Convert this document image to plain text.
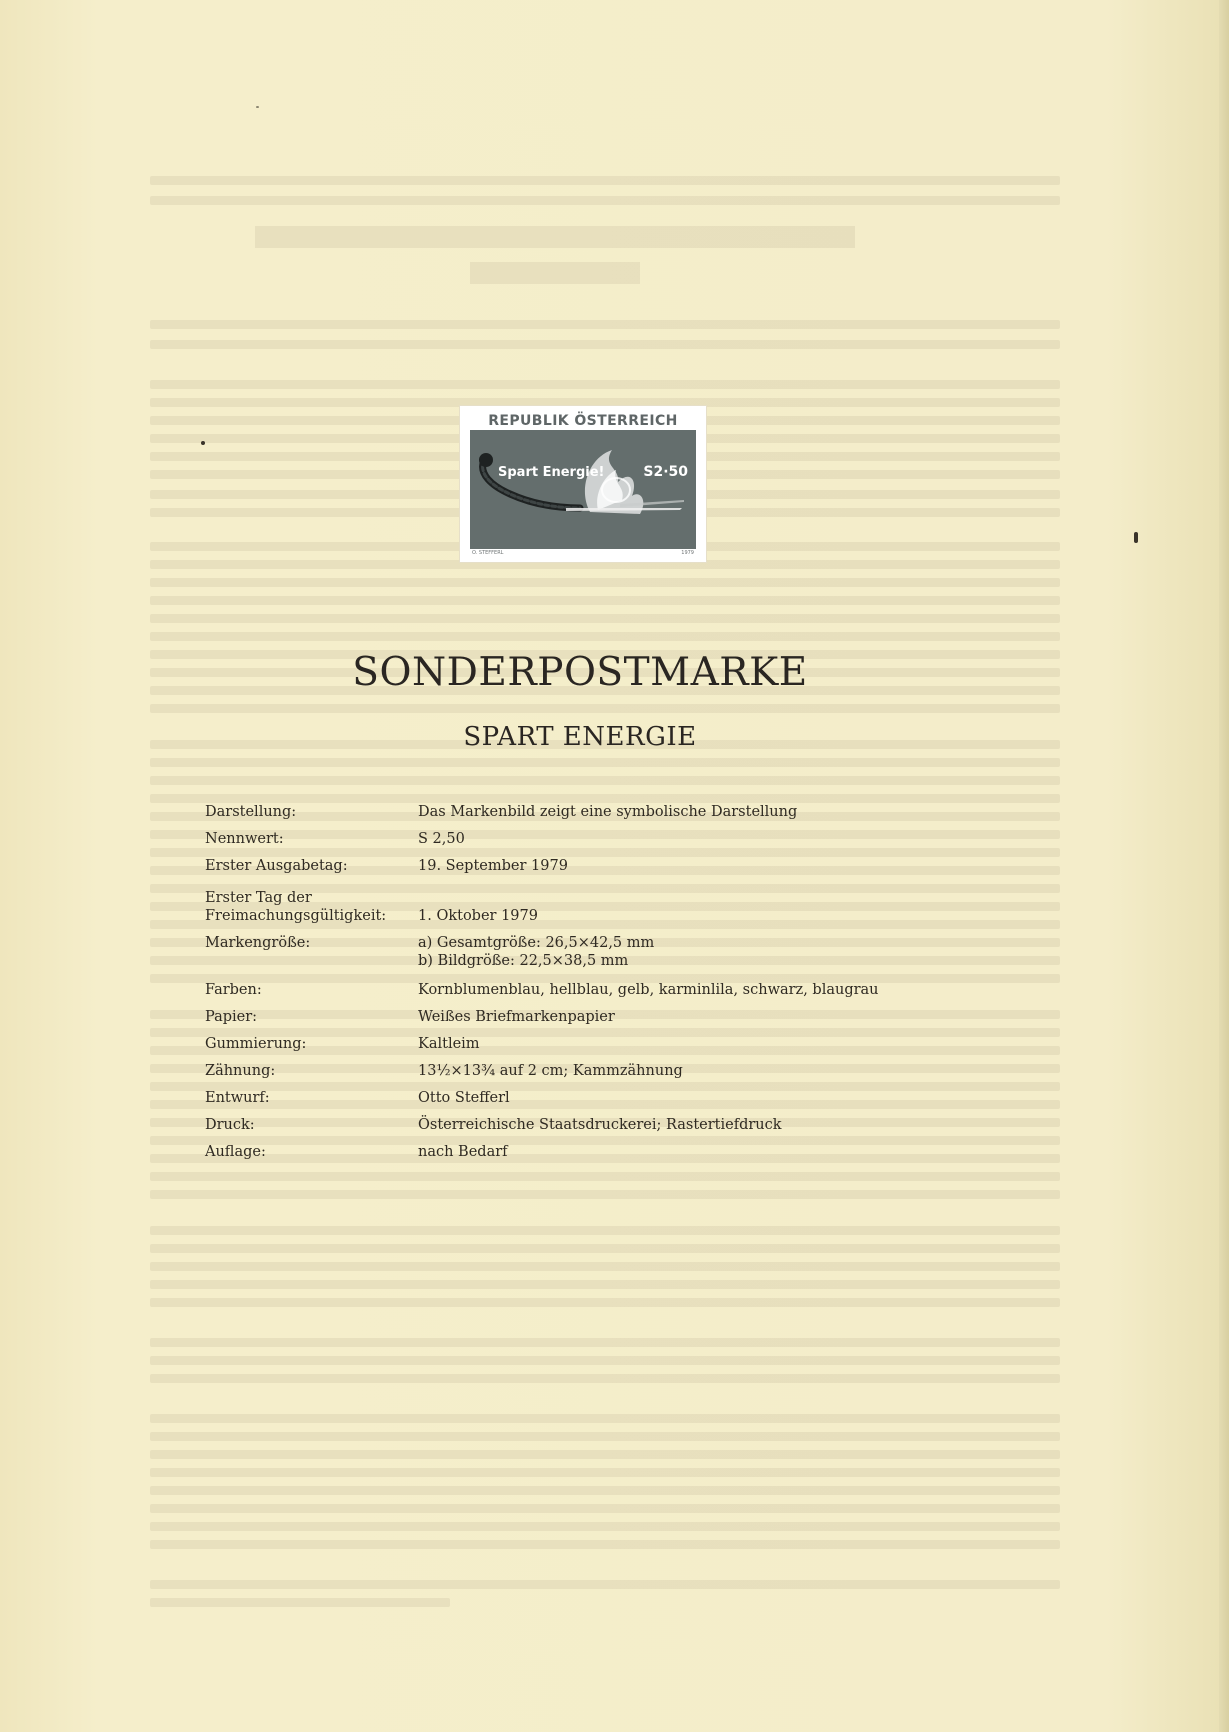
REPUBLIK ÖSTERREICH
Spart Energie!	S2·50
O. STEFFERL	1979
SONDERPOSTMARKE
SPART ENERGIE
Darstellung:	Das Markenbild zeigt eine symbolische Darstellung
Nennwert:	S 2,50
Erster Ausgabetag:	19. September 1979
Erster Tag der
Freimachungsgültigkeit:	1. Oktober 1979
Markengröße:	a) Gesamtgröße: 26,5×42,5 mm
b) Bildgröße: 22,5×38,5 mm
Farben:	Kornblumenblau, hellblau, gelb, karminlila, schwarz, blaugrau
Papier:	Weißes Briefmarkenpapier
Gummierung:	Kaltleim
Zähnung:	13½×13¾ auf 2 cm; Kammzähnung
Entwurf:	Otto Stefferl
Druck:	Österreichische Staatsdruckerei; Rastertiefdruck
Auflage:	nach Bedarf
